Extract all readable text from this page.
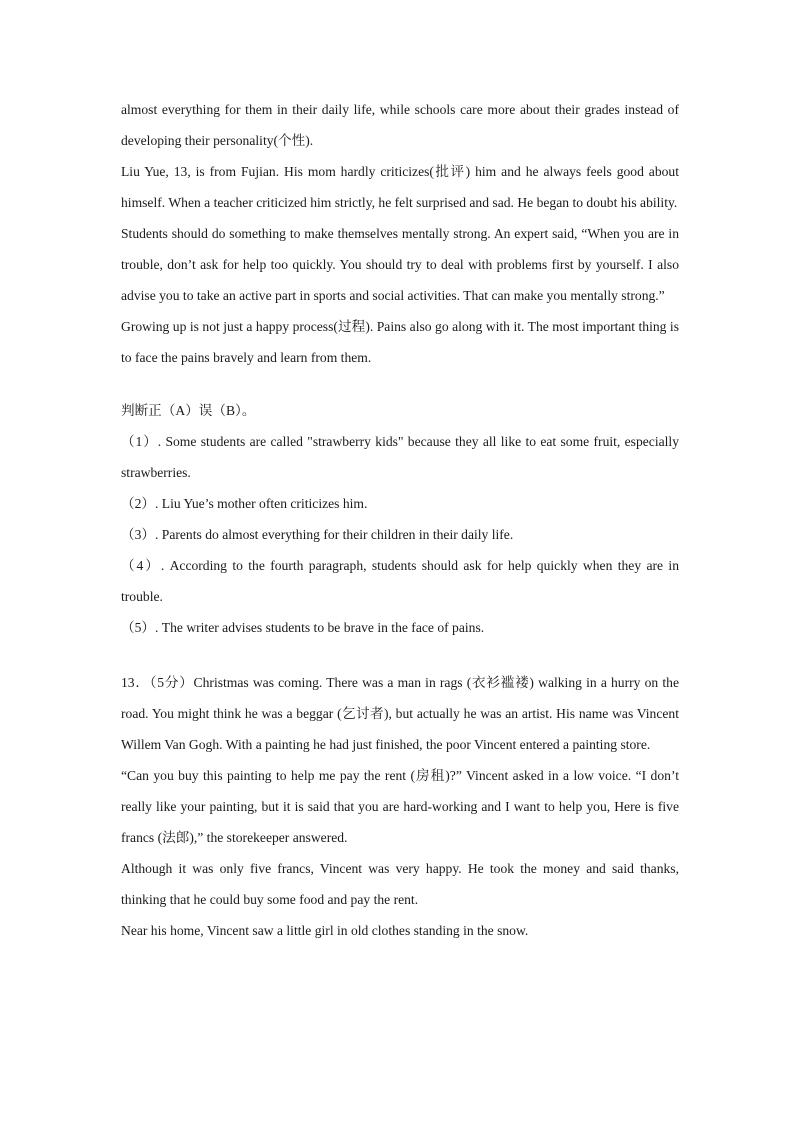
almost everything for them in their daily life, while schools care more about their grades instead of developing their personality(个性).

Liu Yue, 13, is from Fujian. His mom hardly criticizes(批评) him and he always feels good about himself. When a teacher criticized him strictly, he felt surprised and sad. He began to doubt his ability.

Students should do something to make themselves mentally strong. An expert said, “When you are in trouble, don’t ask for help too quickly. You should try to deal with problems first by yourself. I also advise you to take an active part in sports and social activities. That can make you mentally strong.”

Growing up is not just a happy process(过程). Pains also go along with it. The most important thing is to face the pains bravely and learn from them.

判断正（A）误（B）。

（1）. Some students are called "strawberry kids" because they all like to eat some fruit, especially strawberries.

（2）. Liu Yue’s mother often criticizes him.

（3）. Parents do almost everything for their children in their daily life.

（4）. According to the fourth paragraph, students should ask for help quickly when they are in trouble.

（5）. The writer advises students to be brave in the face of pains.

13．（5分）Christmas was coming. There was a man in rags (衣衫褴褛) walking in a hurry on the road. You might think he was a beggar (乞讨者), but actually he was an artist. His name was Vincent Willem Van Gogh. With a painting he had just finished, the poor Vincent entered a painting store.

“Can you buy this painting to help me pay the rent (房租)?” Vincent asked in a low voice. “I don’t really like your painting, but it is said that you are hard-working and I want to help you, Here is five francs (法郎),” the storekeeper answered.

Although it was only five francs, Vincent was very happy. He took the money and said thanks, thinking that he could buy some food and pay the rent.

Near his home, Vincent saw a little girl in old clothes standing in the snow.
